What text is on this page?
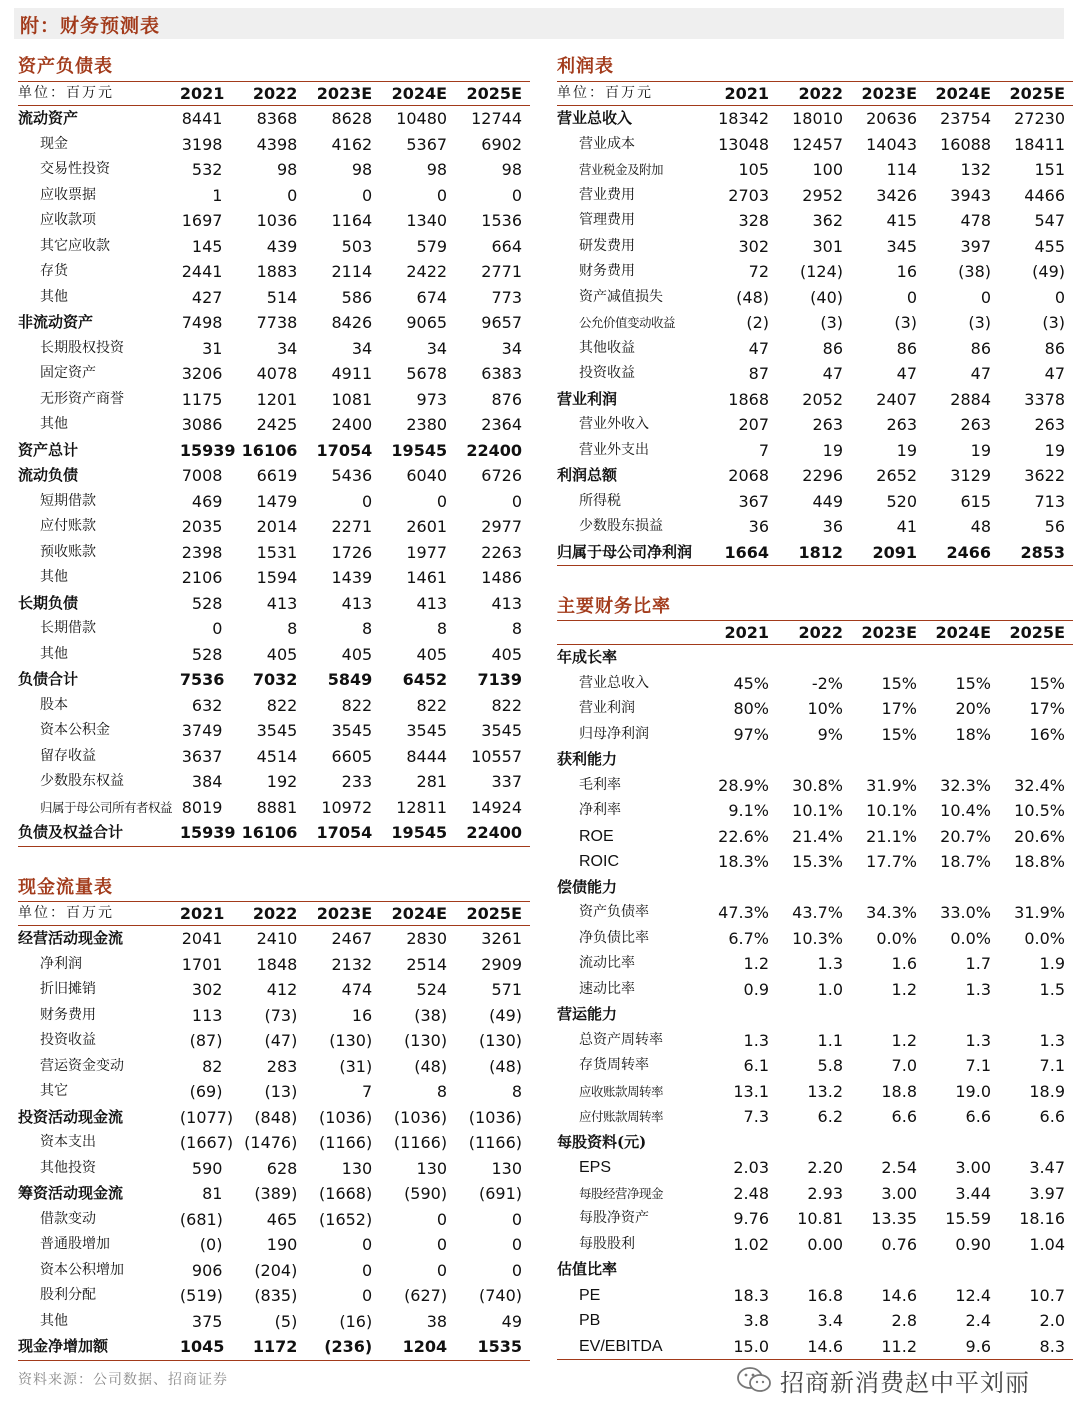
附：财务预测表
资产负债表
单位：百万元	2021	2022	2023E	2024E	2025E
流动资产	8441	8368	8628	10480	12744
现金	3198	4398	4162	5367	6902
交易性投资	532	98	98	98	98
应收票据	1	0	0	0	0
应收款项	1697	1036	1164	1340	1536
其它应收款	145	439	503	579	664
存货	2441	1883	2114	2422	2771
其他	427	514	586	674	773
非流动资产	7498	7738	8426	9065	9657
长期股权投资	31	34	34	34	34
固定资产	3206	4078	4911	5678	6383
无形资产商誉	1175	1201	1081	973	876
其他	3086	2425	2400	2380	2364
资产总计	15939	16106	17054	19545	22400
流动负债	7008	6619	5436	6040	6726
短期借款	469	1479	0	0	0
应付账款	2035	2014	2271	2601	2977
预收账款	2398	1531	1726	1977	2263
其他	2106	1594	1439	1461	1486
长期负债	528	413	413	413	413
长期借款	0	8	8	8	8
其他	528	405	405	405	405
负债合计	7536	7032	5849	6452	7139
股本	632	822	822	822	822
资本公积金	3749	3545	3545	3545	3545
留存收益	3637	4514	6605	8444	10557
少数股东权益	384	192	233	281	337
归属于母公司所有者权益	8019	8881	10972	12811	14924
负债及权益合计	15939	16106	17054	19545	22400
现金流量表
单位：百万元	2021	2022	2023E	2024E	2025E
经营活动现金流	2041	2410	2467	2830	3261
净利润	1701	1848	2132	2514	2909
折旧摊销	302	412	474	524	571
财务费用	113	(73)	16	(38)	(49)
投资收益	(87)	(47)	(130)	(130)	(130)
营运资金变动	82	283	(31)	(48)	(48)
其它	(69)	(13)	7	8	8
投资活动现金流	(1077)	(848)	(1036)	(1036)	(1036)
资本支出	(1667)	(1476)	(1166)	(1166)	(1166)
其他投资	590	628	130	130	130
筹资活动现金流	81	(389)	(1668)	(590)	(691)
借款变动	(681)	465	(1652)	0	0
普通股增加	(0)	190	0	0	0
资本公积增加	906	(204)	0	0	0
股利分配	(519)	(835)	0	(627)	(740)
其他	375	(5)	(16)	38	49
现金净增加额	1045	1172	(236)	1204	1535
利润表
单位：百万元	2021	2022	2023E	2024E	2025E
营业总收入	18342	18010	20636	23754	27230
营业成本	13048	12457	14043	16088	18411
营业税金及附加	105	100	114	132	151
营业费用	2703	2952	3426	3943	4466
管理费用	328	362	415	478	547
研发费用	302	301	345	397	455
财务费用	72	(124)	16	(38)	(49)
资产减值损失	(48)	(40)	0	0	0
公允价值变动收益	(2)	(3)	(3)	(3)	(3)
其他收益	47	86	86	86	86
投资收益	87	47	47	47	47
营业利润	1868	2052	2407	2884	3378
营业外收入	207	263	263	263	263
营业外支出	7	19	19	19	19
利润总额	2068	2296	2652	3129	3622
所得税	367	449	520	615	713
少数股东损益	36	36	41	48	56
归属于母公司净利润	1664	1812	2091	2466	2853
主要财务比率
	2021	2022	2023E	2024E	2025E
年成长率					
营业总收入	45%	-2%	15%	15%	15%
营业利润	80%	10%	17%	20%	17%
归母净利润	97%	9%	15%	18%	16%
获利能力					
毛利率	28.9%	30.8%	31.9%	32.3%	32.4%
净利率	9.1%	10.1%	10.1%	10.4%	10.5%
ROE	22.6%	21.4%	21.1%	20.7%	20.6%
ROIC	18.3%	15.3%	17.7%	18.7%	18.8%
偿债能力					
资产负债率	47.3%	43.7%	34.3%	33.0%	31.9%
净负债比率	6.7%	10.3%	0.0%	0.0%	0.0%
流动比率	1.2	1.3	1.6	1.7	1.9
速动比率	0.9	1.0	1.2	1.3	1.5
营运能力					
总资产周转率	1.3	1.1	1.2	1.3	1.3
存货周转率	6.1	5.8	7.0	7.1	7.1
应收账款周转率	13.1	13.2	18.8	19.0	18.9
应付账款周转率	7.3	6.2	6.6	6.6	6.6
每股资料(元)					
EPS	2.03	2.20	2.54	3.00	3.47
每股经营净现金	2.48	2.93	3.00	3.44	3.97
每股净资产	9.76	10.81	13.35	15.59	18.16
每股股利	1.02	0.00	0.76	0.90	1.04
估值比率					
PE	18.3	16.8	14.6	12.4	10.7
PB	3.8	3.4	2.8	2.4	2.0
EV/EBITDA	15.0	14.6	11.2	9.6	8.3
资料来源：公司数据、招商证券	招商新消费赵中平刘丽
